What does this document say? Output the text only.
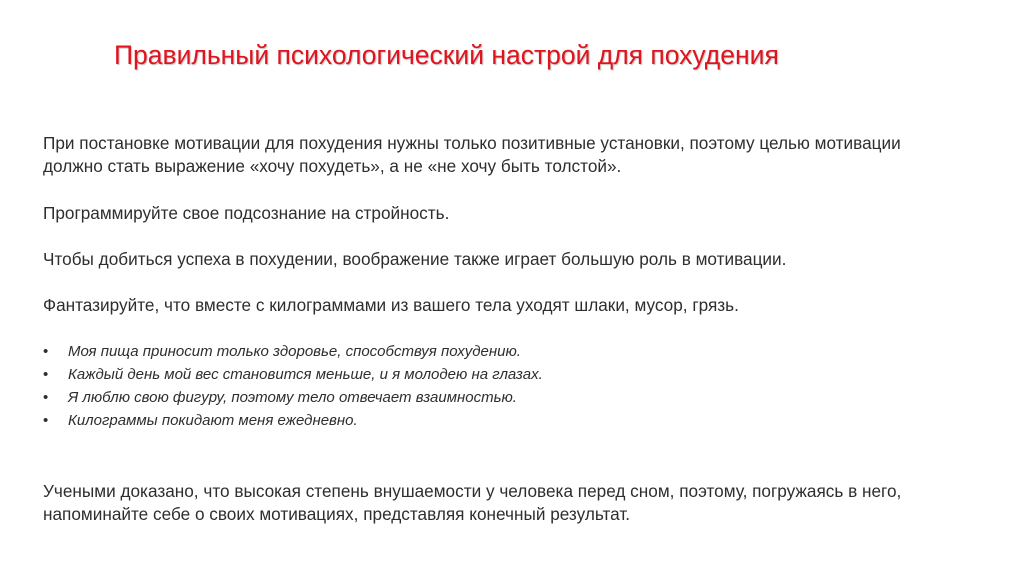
Правильный психологический настрой для похудения

При постановке мотивации для похудения нужны только позитивные установки, поэтому целью мотивации должно стать выражение «хочу похудеть», а не «не хочу быть толстой».

Программируйте свое подсознание на стройность.

Чтобы добиться успеха в похудении, воображение также играет большую роль в мотивации.

Фантазируйте, что вместе с килограммами из вашего тела уходят шлаки, мусор, грязь.

• Моя пища приносит только здоровье, способствуя похудению.
• Каждый день мой вес становится меньше, и я молодею на глазах.
• Я люблю свою фигуру, поэтому тело отвечает взаимностью.
• Килограммы покидают меня ежедневно.

Учеными доказано, что высокая степень внушаемости у человека перед сном, поэтому, погружаясь в него, напоминайте себе о своих мотивациях, представляя конечный результат.
